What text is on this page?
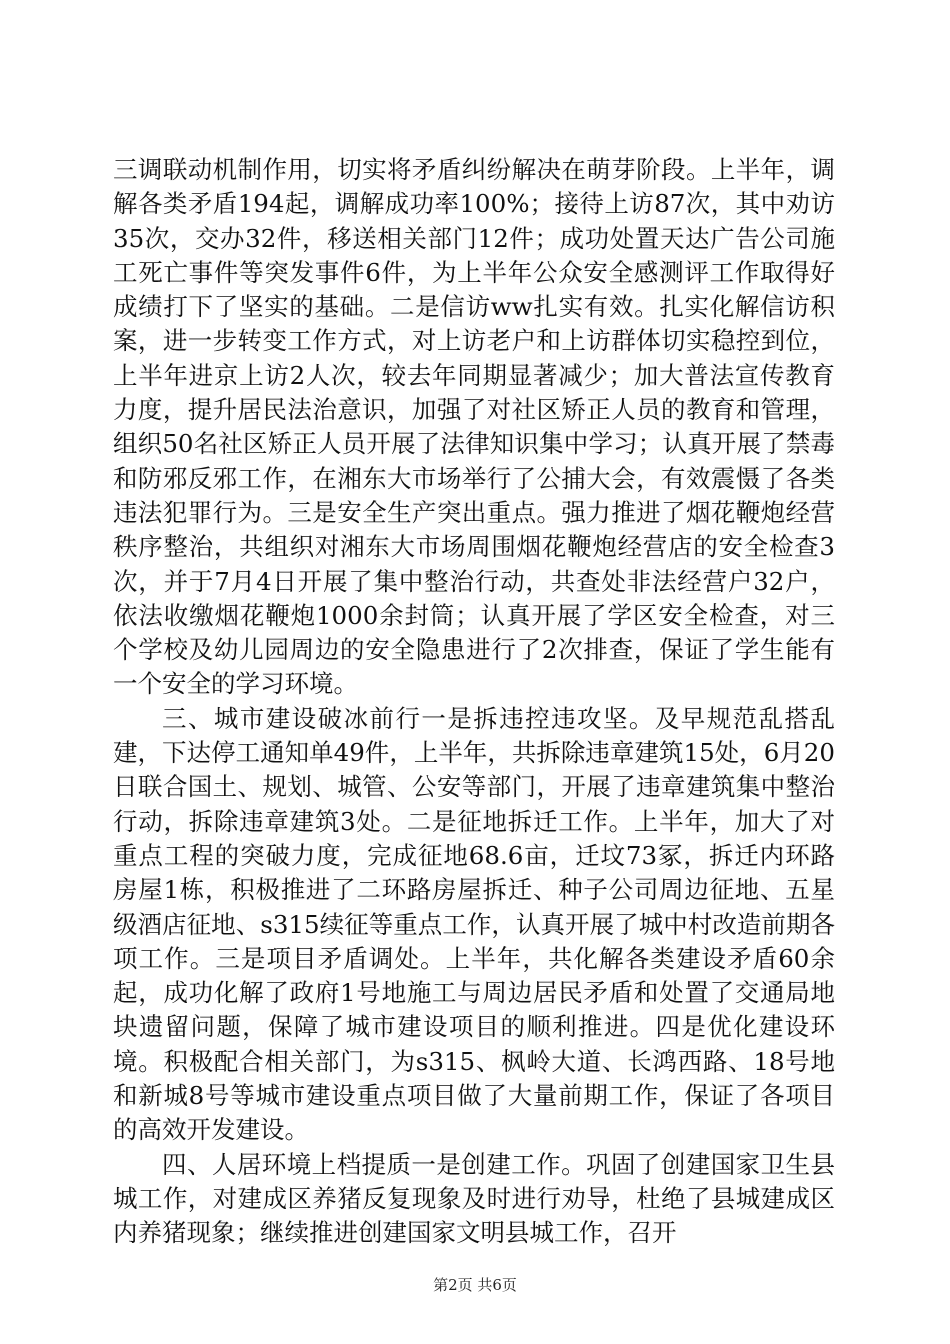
三调联动机制作用，切实将矛盾纠纷解决在萌芽阶段。上半年，调解各类矛盾194起，调解成功率100%；接待上访87次，其中劝访35次，交办32件，移送相关部门12件；成功处置天达广告公司施工死亡事件等突发事件6件，为上半年公众安全感测评工作取得好成绩打下了坚实的基础。二是信访ww扎实有效。扎实化解信访积案，进一步转变工作方式，对上访老户和上访群体切实稳控到位，上半年进京上访2人次，较去年同期显著减少；加大普法宣传教育力度，提升居民法治意识，加强了对社区矫正人员的教育和管理，组织50名社区矫正人员开展了法律知识集中学习；认真开展了禁毒和防邪反邪工作，在湘东大市场举行了公捕大会，有效震慑了各类违法犯罪行为。三是安全生产突出重点。强力推进了烟花鞭炮经营秩序整治，共组织对湘东大市场周围烟花鞭炮经营店的安全检查3次，并于7月4日开展了集中整治行动，共查处非法经营户32户，依法收缴烟花鞭炮1000余封筒；认真开展了学区安全检查，对三个学校及幼儿园周边的安全隐患进行了2次排查，保证了学生能有一个安全的学习环境。

三、城市建设破冰前行一是拆违控违攻坚。及早规范乱搭乱建，下达停工通知单49件，上半年，共拆除违章建筑15处，6月20日联合国土、规划、城管、公安等部门，开展了违章建筑集中整治行动，拆除违章建筑3处。二是征地拆迁工作。上半年，加大了对重点工程的突破力度，完成征地68.6亩，迁坟73冢，拆迁内环路房屋1栋，积极推进了二环路房屋拆迁、种子公司周边征地、五星级酒店征地、s315续征等重点工作，认真开展了城中村改造前期各项工作。三是项目矛盾调处。上半年，共化解各类建设矛盾60余起，成功化解了政府1号地施工与周边居民矛盾和处置了交通局地块遗留问题，保障了城市建设项目的顺利推进。四是优化建设环境。积极配合相关部门，为s315、枫岭大道、长鸿西路、18号地和新城8号等城市建设重点项目做了大量前期工作，保证了各项目的高效开发建设。

四、人居环境上档提质一是创建工作。巩固了创建国家卫生县城工作，对建成区养猪反复现象及时进行劝导，杜绝了县城建成区内养猪现象；继续推进创建国家文明县城工作，召开

第2页 共6页
